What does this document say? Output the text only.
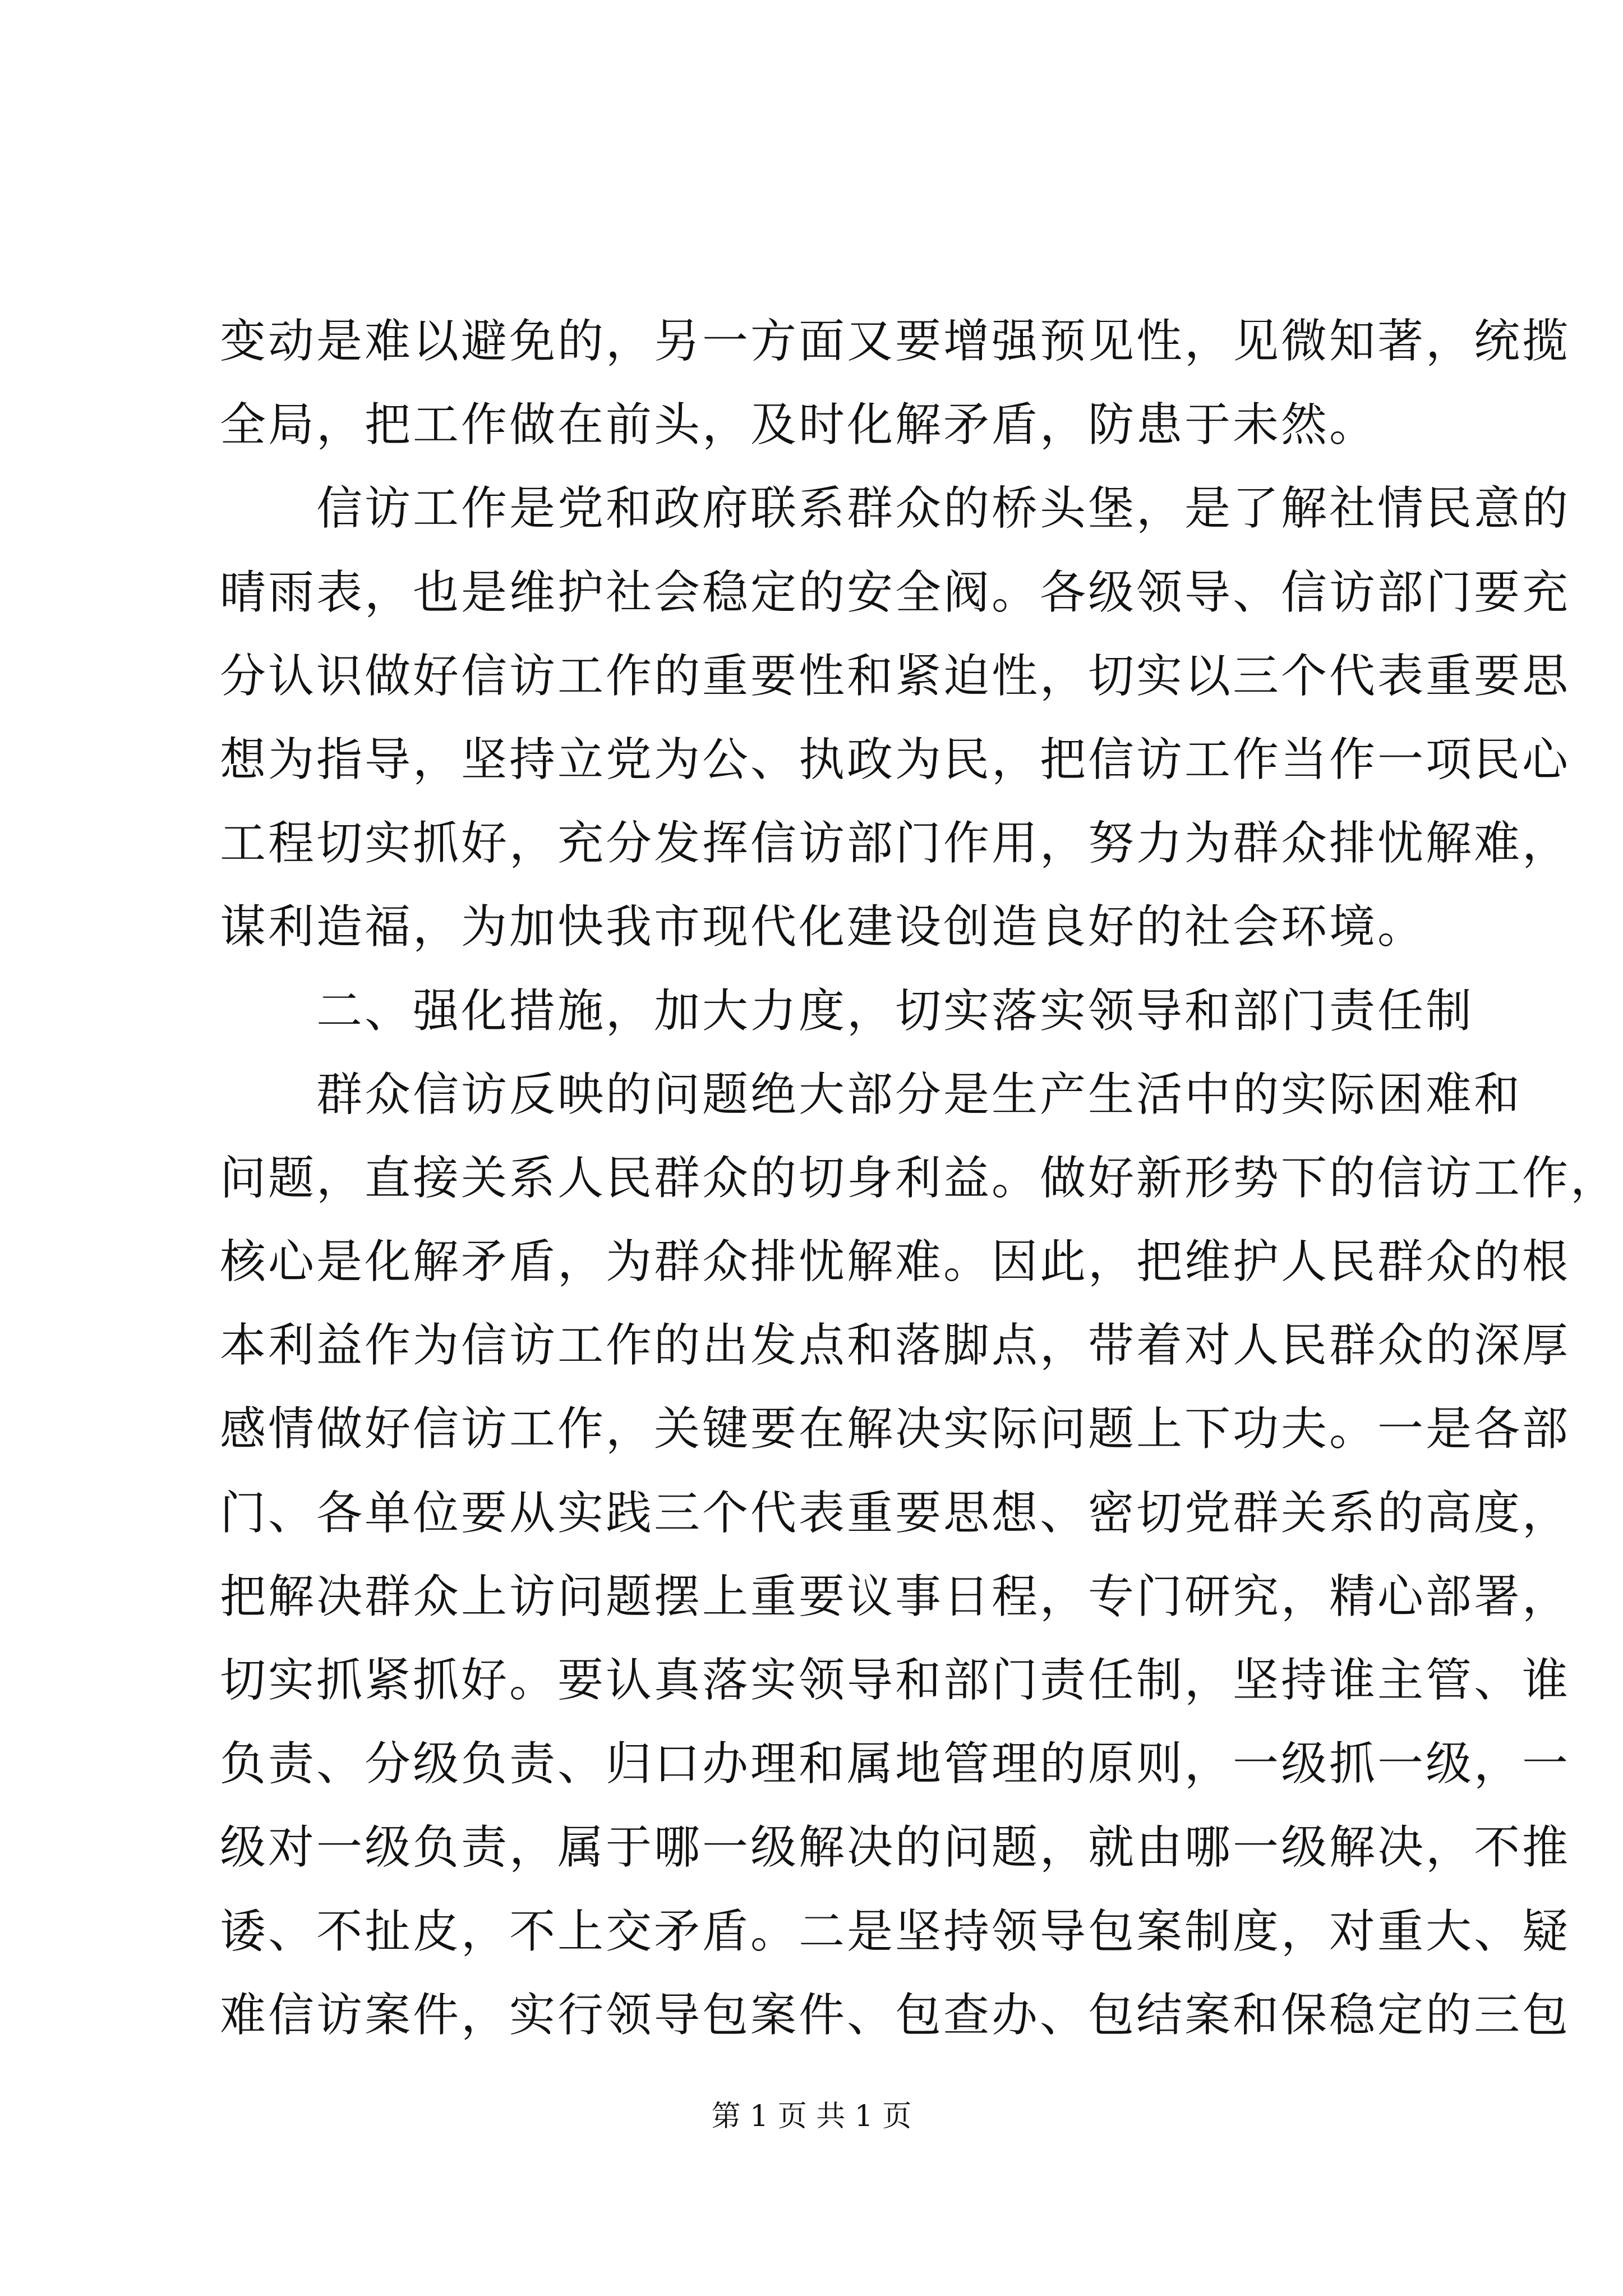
变动是难以避免的，另一方面又要增强预见性，见微知著，统揽
全局，把工作做在前头，及时化解矛盾，防患于未然。
　　信访工作是党和政府联系群众的桥头堡，是了解社情民意的
晴雨表，也是维护社会稳定的安全阀。各级领导、信访部门要充
分认识做好信访工作的重要性和紧迫性，切实以三个代表重要思
想为指导，坚持立党为公、执政为民，把信访工作当作一项民心
工程切实抓好，充分发挥信访部门作用，努力为群众排忧解难，
谋利造福，为加快我市现代化建设创造良好的社会环境。
　　二、强化措施，加大力度，切实落实领导和部门责任制
　　群众信访反映的问题绝大部分是生产生活中的实际困难和
问题，直接关系人民群众的切身利益。做好新形势下的信访工作，
核心是化解矛盾，为群众排忧解难。因此，把维护人民群众的根
本利益作为信访工作的出发点和落脚点，带着对人民群众的深厚
感情做好信访工作，关键要在解决实际问题上下功夫。一是各部
门、各单位要从实践三个代表重要思想、密切党群关系的高度，
把解决群众上访问题摆上重要议事日程，专门研究，精心部署，
切实抓紧抓好。要认真落实领导和部门责任制，坚持谁主管、谁
负责、分级负责、归口办理和属地管理的原则，一级抓一级，一
级对一级负责，属于哪一级解决的问题，就由哪一级解决，不推
诿、不扯皮，不上交矛盾。二是坚持领导包案制度，对重大、疑
难信访案件，实行领导包案件、包查办、包结案和保稳定的三包
第 1 页 共 1 页
